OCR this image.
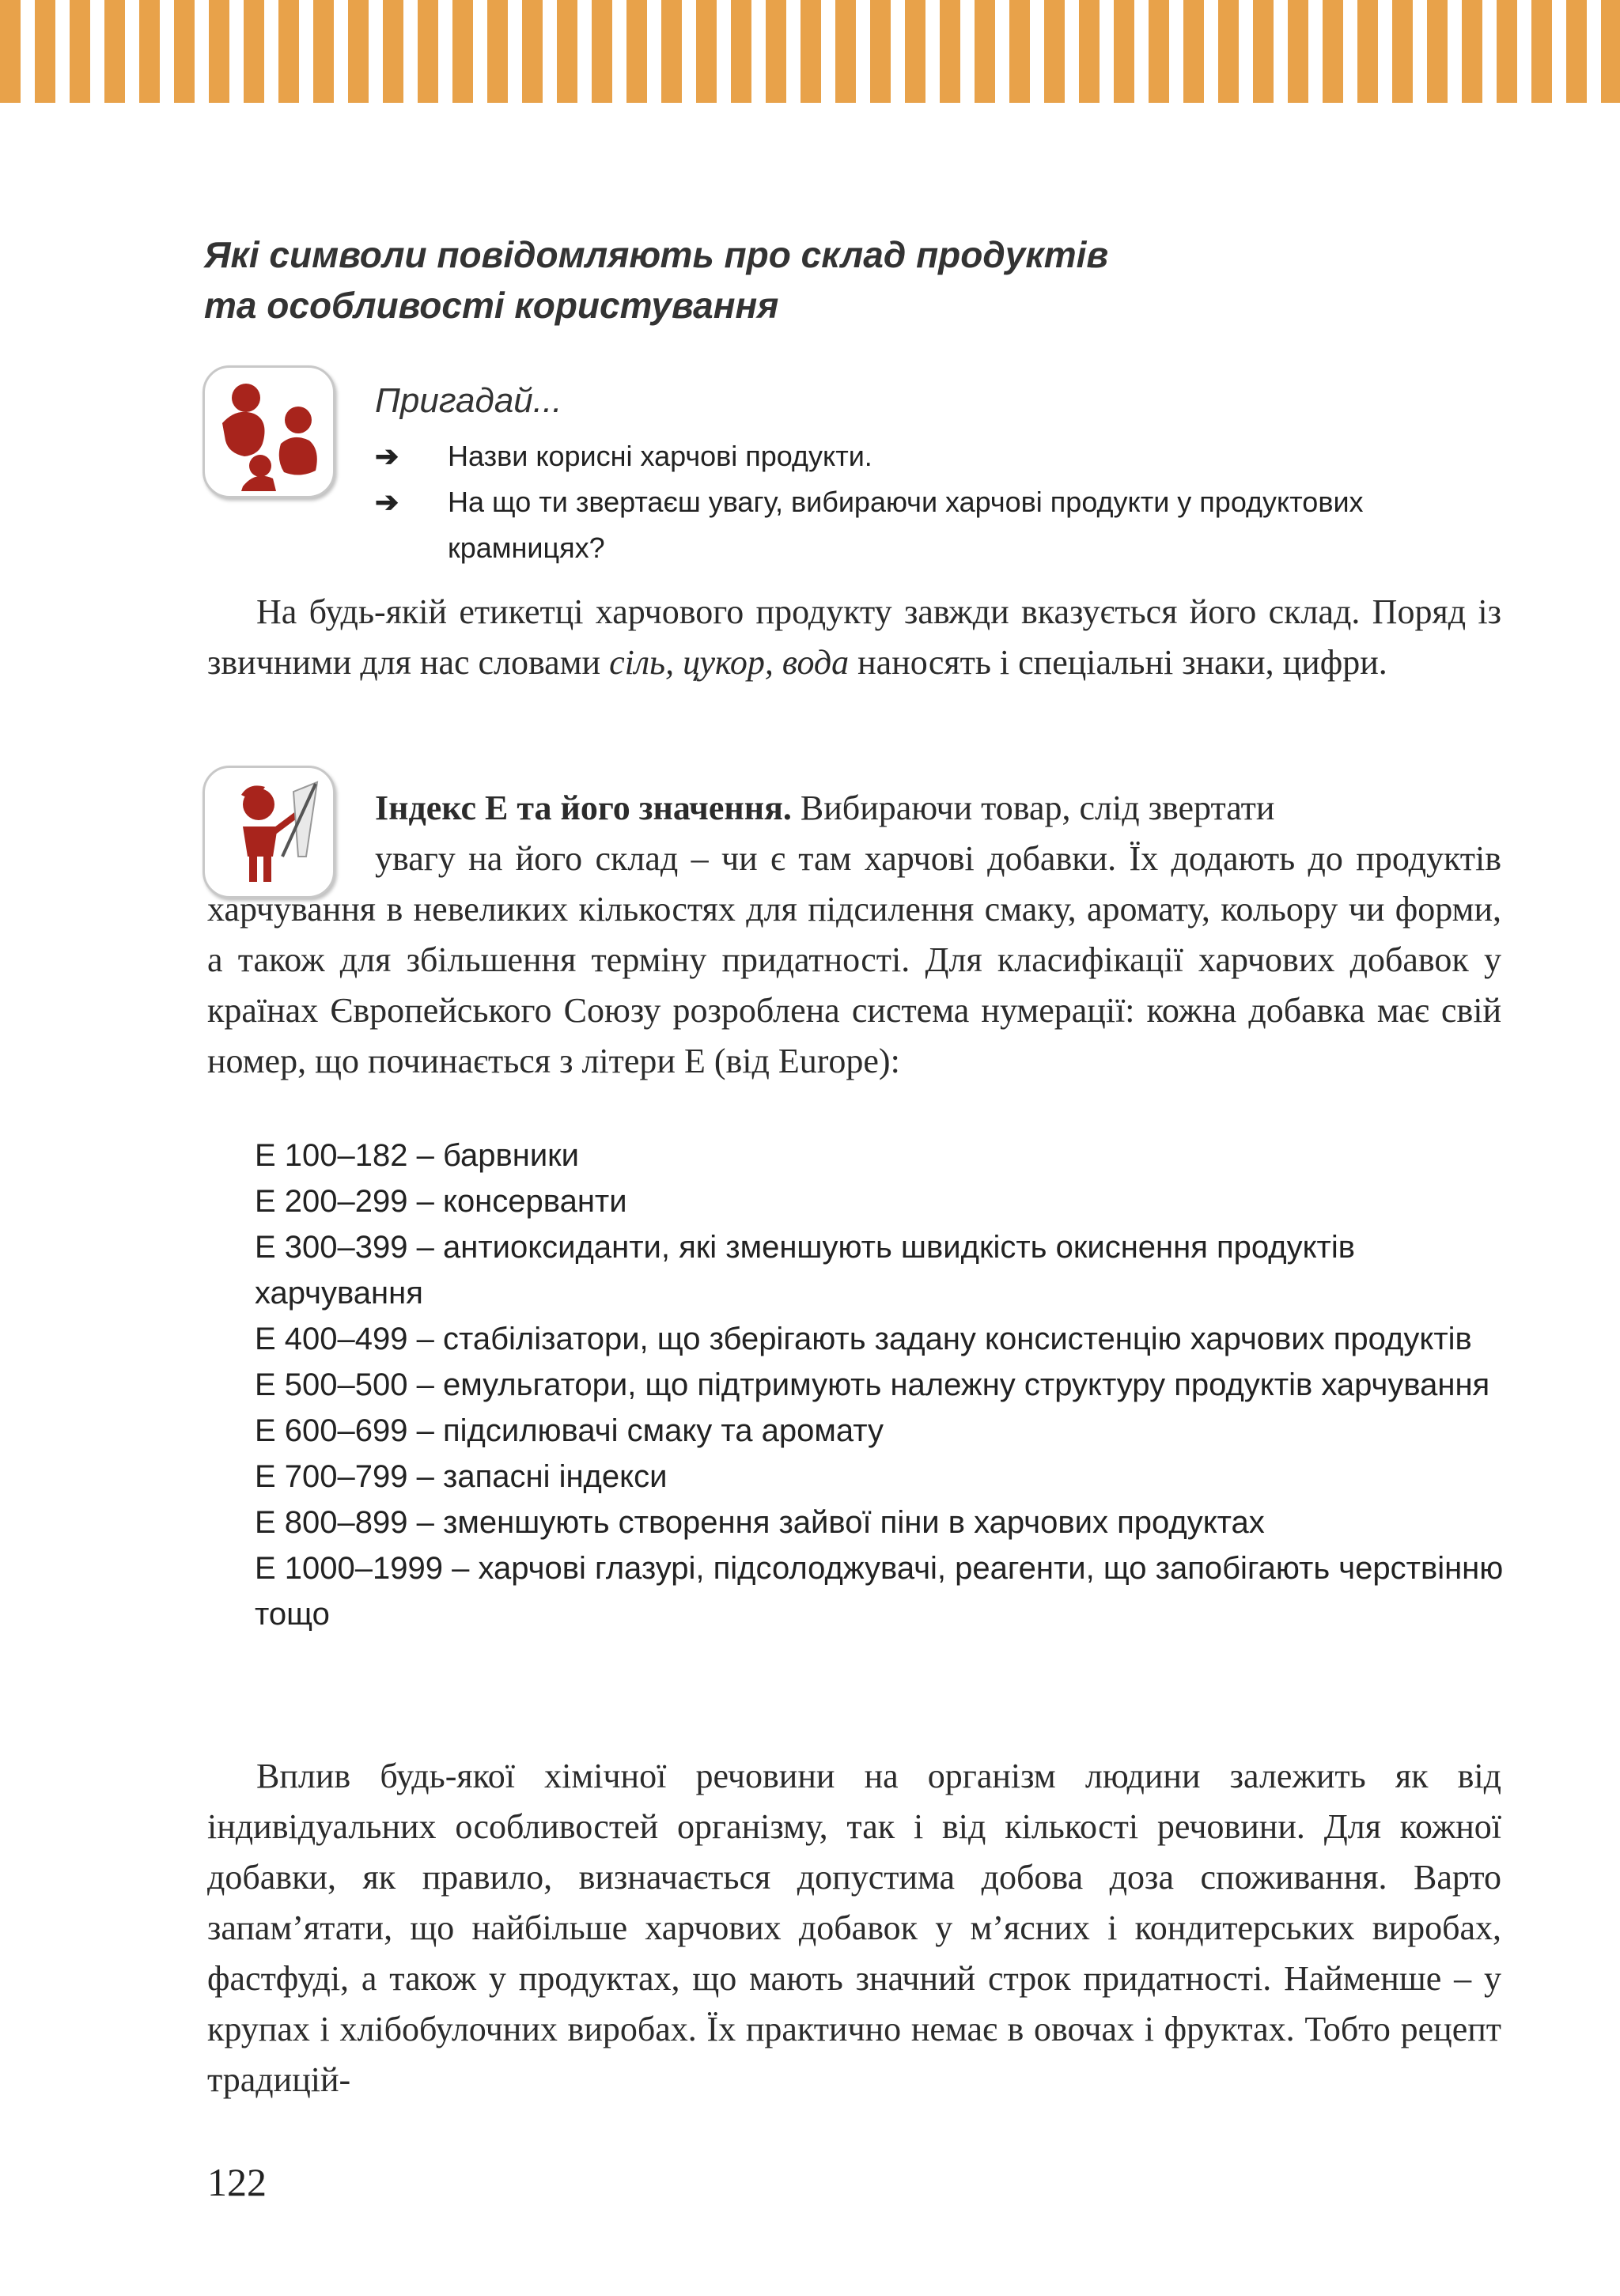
Які символи повідомляють про склад продуктів
та особливості користування
Пригадай...
➔ Назви корисні харчові продукти.
➔ На що ти звертаєш увагу, вибираючи харчові продукти у продуктових крамницях?
На будь-якій етикетці харчового продукту завжди вказується його склад. Поряд із звичними для нас словами сіль, цукор, вода наносять і спеціальні знаки, цифри.
Індекс Е та його значення. Вибираючи товар, слід звертати
увагу на його склад – чи є там харчові добавки. Їх додають до продуктів харчування в невеликих кількостях для підсилення смаку, аромату, кольору чи форми, а також для збільшення терміну придатності. Для класифікації харчових добавок у країнах Європейського Союзу розроблена система нумерації: кожна добавка має свій номер, що починається з літери Е (від Europe):
Е 100–182 – барвники
Е 200–299 – консерванти
Е 300–399 – антиоксиданти, які зменшують швидкість окиснення продуктів харчування
Е 400–499 – стабілізатори, що зберігають задану консистенцію харчових продуктів
Е 500–500 – емульгатори, що підтримують належну структуру продуктів харчування
Е 600–699 – підсилювачі смаку та аромату
Е 700–799 – запасні індекси
Е 800–899 – зменшують створення зайвої піни в харчових продуктах
Е 1000–1999 – харчові глазурі, підсолоджувачі, реагенти, що запобігають черствінню тощо
Вплив будь-якої хімічної речовини на організм людини залежить як від індивідуальних особливостей організму, так і від кількості речовини. Для кожної добавки, як правило, визначається допустима добова доза споживання. Варто запам’ятати, що найбільше харчових добавок у м’ясних і кондитерських виробах, фастфуді, а також у продуктах, що мають значний строк придатності. Найменше – у крупах і хлібобулочних виробах. Їх практично немає в овочах і фруктах. Тобто рецепт традицій-
122
